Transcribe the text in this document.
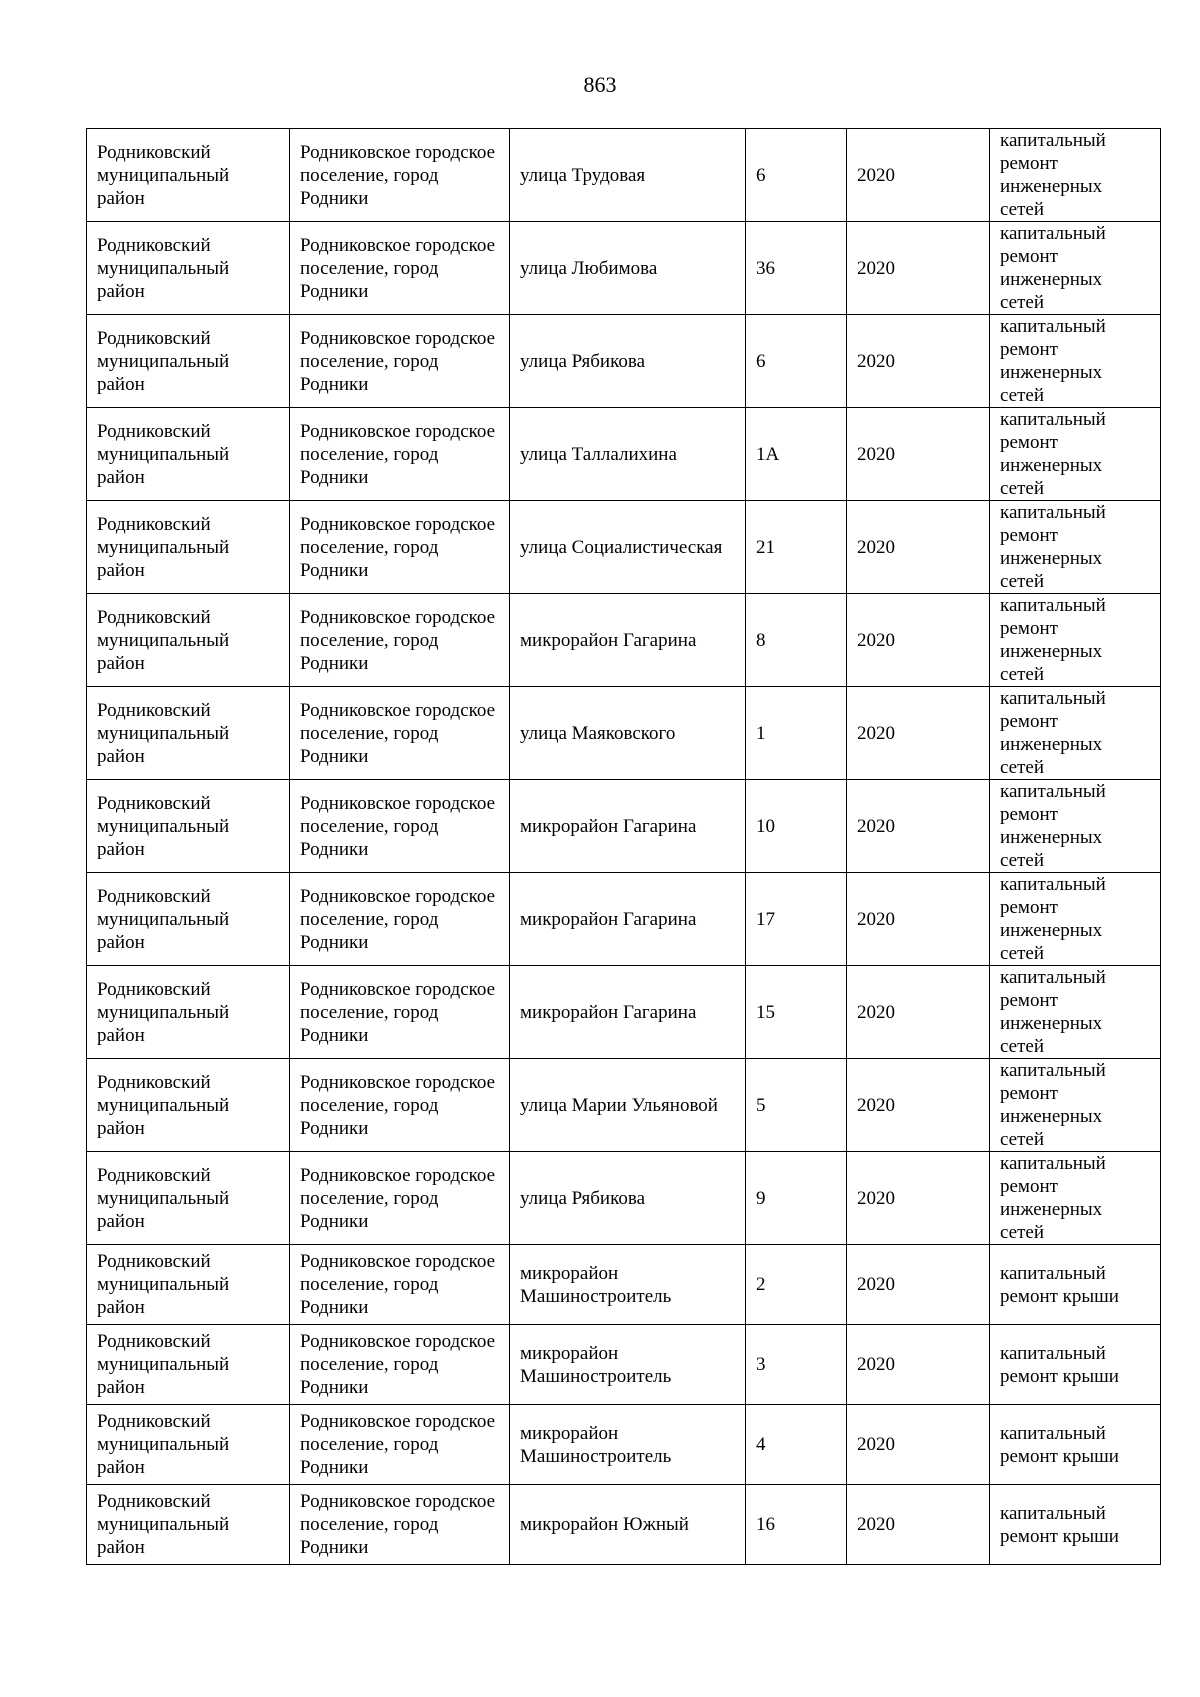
863
Родниковский муниципальный район	Родниковское городское поселение, город Родники	улица Трудовая	6	2020	капитальный ремонт инженерных сетей
Родниковский муниципальный район	Родниковское городское поселение, город Родники	улица Любимова	36	2020	капитальный ремонт инженерных сетей
Родниковский муниципальный район	Родниковское городское поселение, город Родники	улица Рябикова	6	2020	капитальный ремонт инженерных сетей
Родниковский муниципальный район	Родниковское городское поселение, город Родники	улица Таллалихина	1А	2020	капитальный ремонт инженерных сетей
Родниковский муниципальный район	Родниковское городское поселение, город Родники	улица Социалистическая	21	2020	капитальный ремонт инженерных сетей
Родниковский муниципальный район	Родниковское городское поселение, город Родники	микрорайон Гагарина	8	2020	капитальный ремонт инженерных сетей
Родниковский муниципальный район	Родниковское городское поселение, город Родники	улица Маяковского	1	2020	капитальный ремонт инженерных сетей
Родниковский муниципальный район	Родниковское городское поселение, город Родники	микрорайон Гагарина	10	2020	капитальный ремонт инженерных сетей
Родниковский муниципальный район	Родниковское городское поселение, город Родники	микрорайон Гагарина	17	2020	капитальный ремонт инженерных сетей
Родниковский муниципальный район	Родниковское городское поселение, город Родники	микрорайон Гагарина	15	2020	капитальный ремонт инженерных сетей
Родниковский муниципальный район	Родниковское городское поселение, город Родники	улица Марии Ульяновой	5	2020	капитальный ремонт инженерных сетей
Родниковский муниципальный район	Родниковское городское поселение, город Родники	улица Рябикова	9	2020	капитальный ремонт инженерных сетей
Родниковский муниципальный район	Родниковское городское поселение, город Родники	микрорайон Машиностроитель	2	2020	капитальный ремонт крыши
Родниковский муниципальный район	Родниковское городское поселение, город Родники	микрорайон Машиностроитель	3	2020	капитальный ремонт крыши
Родниковский муниципальный район	Родниковское городское поселение, город Родники	микрорайон Машиностроитель	4	2020	капитальный ремонт крыши
Родниковский муниципальный район	Родниковское городское поселение, город Родники	микрорайон Южный	16	2020	капитальный ремонт крыши
